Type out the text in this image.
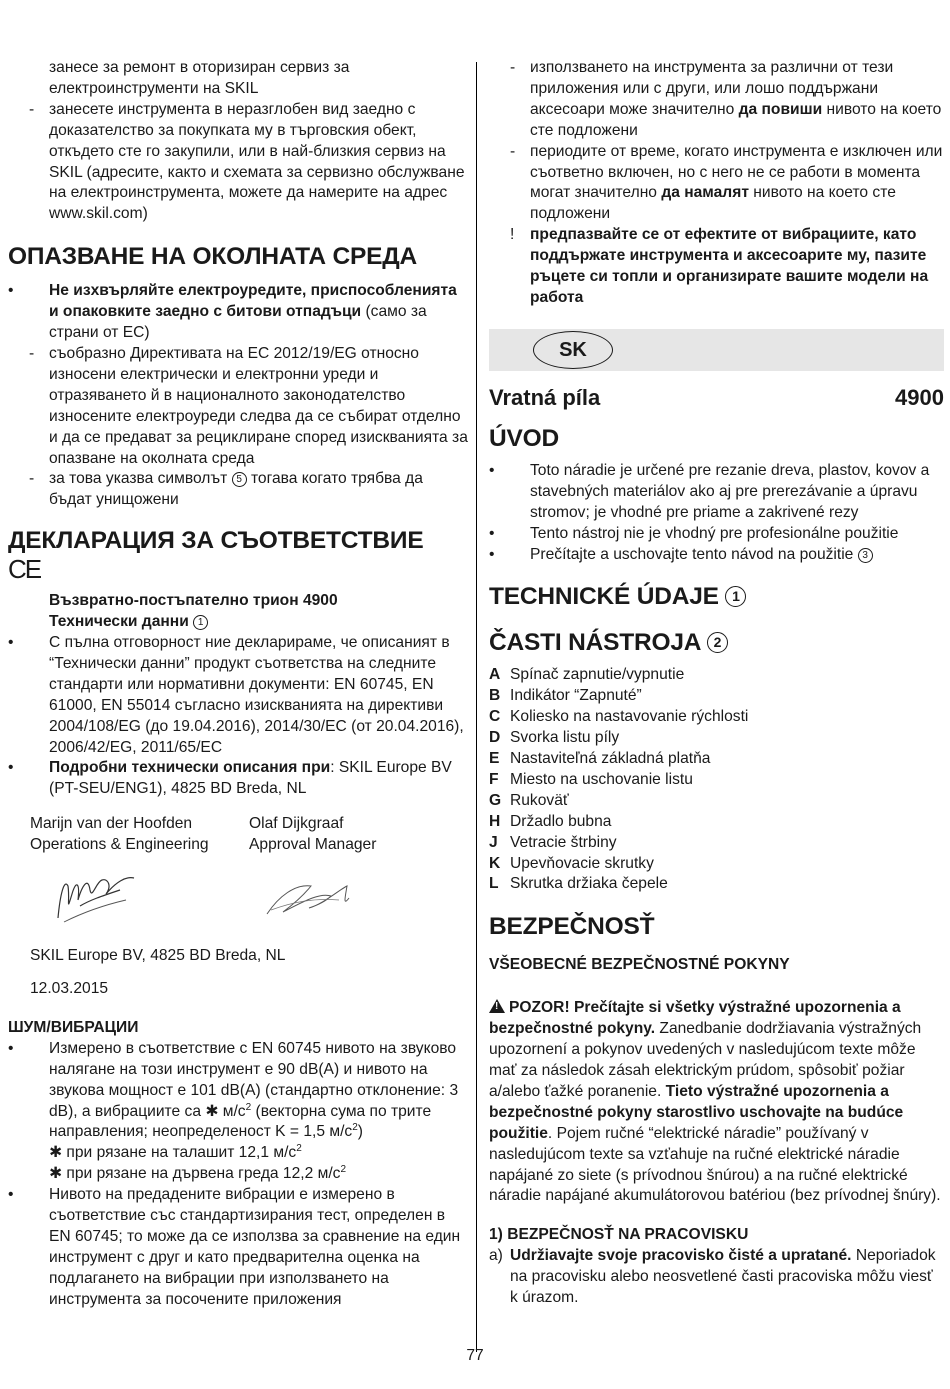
занесе за ремонт в оторизиран сервиз за

електроинструменти на SKIL

- занесете инструмента в неразглобен вид заедно с доказателство за покупката му в търговския обект, откъдето сте го закупили, или в най-близкия сервиз на SKIL (адресите, както и схемата за сервизно обслужване на електроинструмента, можете да намерите на адрес www.skil.com)
ОПАЗВАНЕ НА ОКОЛНАТА СРЕДА
• Не изхвърляйте електроуредите, приспособленията и опаковките заедно с битови отпадъци (само за страни от ЕС)
- съобразно Директивата на ЕС 2012/19/EG относно износени електрически и електронни уреди и отразяването й в националното законодателство износените електроуреди следва да се събират отделно и да се предават за рециклиране според изискванията за опазване на околната среда
- за това указва символът 5 тогава когато трябва да бъдат унищожени
ДЕКЛАРАЦИЯ ЗА СЪОТВЕТСТВИЕ
CE

Възвратно-постъпателно трион 4900

Технически данни 1

• С пълна отговорност ние декларираме, че описаният в “Технически данни” продукт съответства на следните стандарти или нормативни документи: EN 60745, EN 61000, EN 55014 съгласно изискванията на директиви 2004/108/EG (до 19.04.2016), 2014/30/ЕС (от 20.04.2016), 2006/42/EG, 2011/65/ЕС
• Подробни технически описания при: SKIL Europe BV (PT-SEU/ENG1), 4825 BD Breda, NL

Marijn van der Hoofden

Operations & Engineering

Olaf Dijkgraaf

Approval Manager

SKIL Europe BV, 4825 BD Breda, NL

12.03.2015

ШУМ/ВИБРАЦИИ
• Измерено в съответствие с EN 60745 нивото на звуково налягане на този инструмент е 90 dB(A) и нивото на звукова мощност е 101 dB(A) (стандартно отклонение: 3 dB), а вибрациите са ✱ $м/с^2$ (векторна сума по трите направления; неопределеност K = 1,5 $м/с^2$)

✱ при рязане на талашит 12,1 $м/с^2$

✱ при рязане на дървена греда 12,2 $м/с^2$

• Нивото на предадените вибрации е измерено в съответствие със стандартизирания тест, определен в EN 60745; то може да се използва за сравнение на един инструмент с друг и като предварителна оценка на подлагането на вибрации при използването на инструмента за посочените приложения
- използването на инструмента за различни от тези приложения или с други, или лошо поддържани аксесоари може значително да повиши нивото на което сте подложени
- периодите от време, когато инструмента е изключен или съответно включен, но с него не се работи в момента могат значително да намалят нивото на което сте подложени
! предпазвайте се от ефектите от вибрациите, като поддържате инструмента и аксесоарите му, пазите ръцете си топли и организирате вашите модели на работа
SK
Vratná píla	4900
ÚVOD
• Toto náradie je určené pre rezanie dreva, plastov, kovov a stavebných materiálov ako aj pre prerezávanie a úpravu stromov; je vhodné pre priame a zakrivené rezy
• Tento nástroj nie je vhodný pre profesionálne použitie
• Prečítajte a uschovajte tento návod na použitie 3
TECHNICKÉ ÚDAJE 1
ČASTI NÁSTROJA 2
A Spínač zapnutie/vypnutie
B Indikátor “Zapnuté”
C Koliesko na nastavovanie rýchlosti
D Svorka listu píly
E Nastaviteľná základná platňa
F Miesto na uschovanie listu
G Rukoväť
H Držadlo bubna
J Vetracie štrbiny
K Upevňovacie skrutky
L Skrutka držiaka čepele
BEZPEČNOSŤ
VŠEOBECNÉ BEZPEČNOSTNÉ POKYNY

!POZOR! Prečítajte si všetky výstražné upozornenia a bezpečnostné pokyny. Zanedbanie dodržiavania výstražných upozornení a pokynov uvedených v nasledujúcom texte môže mať za následok zásah elektrickým prúdom, spôsobiť požiar a/alebo ťažké poranenie. Tieto výstražné upozornenia a bezpečnostné pokyny starostlivo uschovajte na budúce použitie. Pojem ručné “elektrické náradie” používaný v nasledujúcom texte sa vzťahuje na ručné elektrické náradie napájané zo siete (s prívodnou šnúrou) a na ručné elektrické náradie napájané akumulátorovou batériou (bez prívodnej šnúry).

1) BEZPEČNOSŤ NA PRACOVISKU
a) Udržiavajte svoje pracovisko čisté a upratané. Neporiadok na pracovisku alebo neosvetlené časti pracoviska môžu viesť k úrazom.
77
